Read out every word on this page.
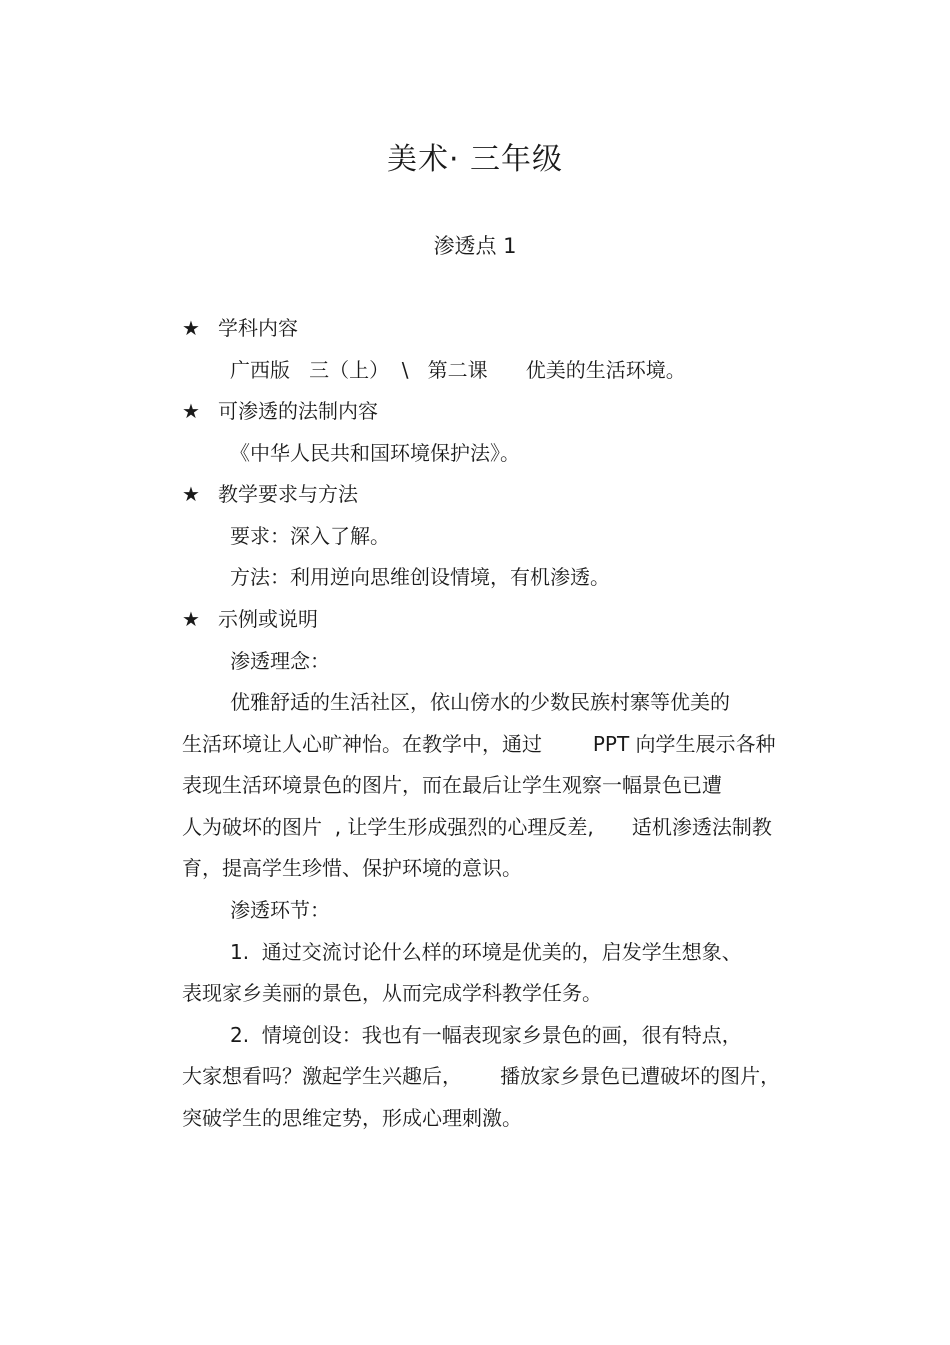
美术· 三年级
渗透点 1
★ 学科内容
广西版   三（上）  \   第二课      优美的生活环境。
★ 可渗透的法制内容
《中华人民共和国环境保护法》。
★ 教学要求与方法
要求：深入了解。
方法：利用逆向思维创设情境，有机渗透。
★ 示例或说明
渗透理念：
优雅舒适的生活社区，依山傍水的少数民族村寨等优美的
生活环境让人心旷神怡。在教学中，通过        PPT 向学生展示各种
表现生活环境景色的图片，而在最后让学生观察一幅景色已遭
人为破坏的图片  , 让学生形成强烈的心理反差,      适机渗透法制教
育，提高学生珍惜、保护环境的意识。
渗透环节：
1.  通过交流讨论什么样的环境是优美的，启发学生想象、
表现家乡美丽的景色，从而完成学科教学任务。
2.  情境创设：我也有一幅表现家乡景色的画，很有特点，
大家想看吗？激起学生兴趣后，      播放家乡景色已遭破坏的图片，
突破学生的思维定势，形成心理刺激。
